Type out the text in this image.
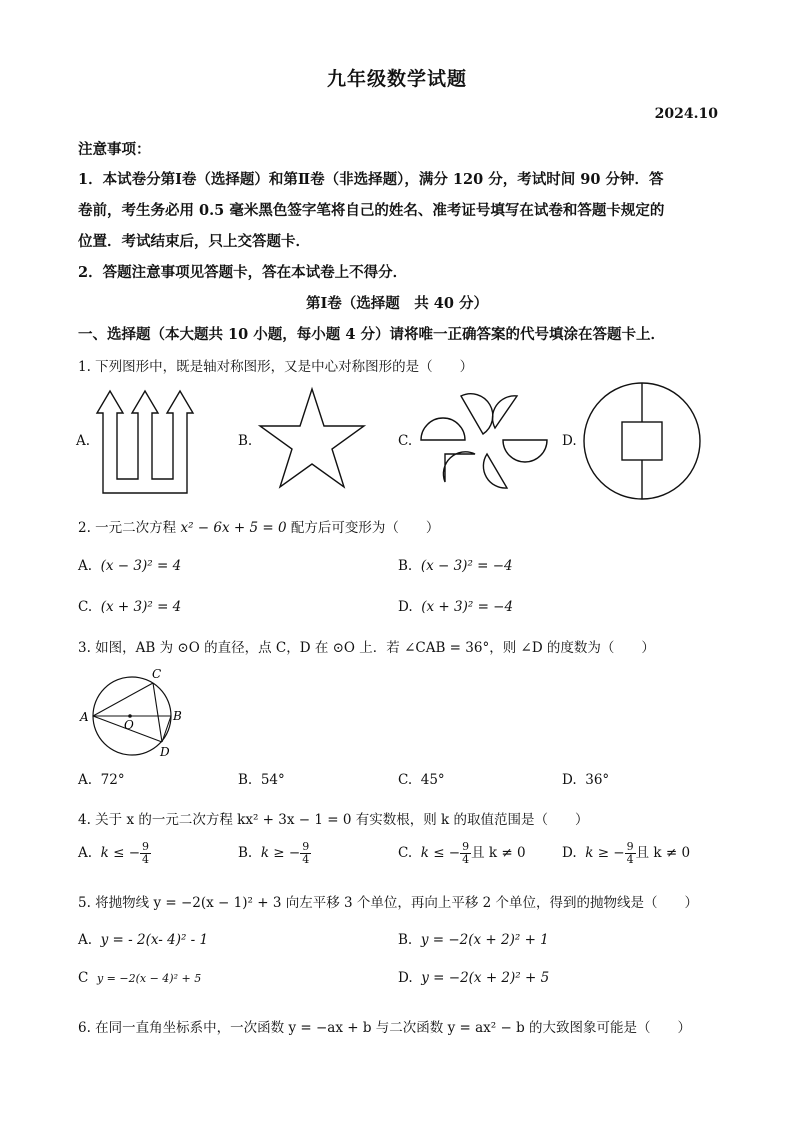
九年级数学试题
2024.10
注意事项：
1．本试卷分第Ⅰ卷（选择题）和第Ⅱ卷（非选择题），满分 120 分，考试时间 90 分钟．答
卷前，考生务必用 0.5 毫米黑色签字笔将自己的姓名、准考证号填写在试卷和答题卡规定的
位置．考试结束后，只上交答题卡．
2．答题注意事项见答题卡，答在本试卷上不得分．
第Ⅰ卷（选择题　共 40 分）
一、选择题（本大题共 10 小题，每小题 4 分）请将唯一正确答案的代号填涂在答题卡上．
1. 下列图形中，既是轴对称图形，又是中心对称图形的是（　　）
A.	B.	C.	D.
2. 一元二次方程 x² − 6x + 5 = 0 配方后可变形为（　　）
A. (x − 3)² = 4	B. (x − 3)² = −4
C. (x + 3)² = 4	D. (x + 3)² = −4
3. 如图，AB 为 ⊙O 的直径，点 C，D 在 ⊙O 上．若 ∠CAB = 36°，则 ∠D 的度数为（　　）
A	B
C
D
O
A. 72°	B. 54°	C. 45°	D. 36°
4. 关于 x 的一元二次方程 kx² + 3x − 1 = 0 有实数根，则 k 的取值范围是（　　）
A. k ≤ − $\frac{9}{4}$	B. k ≥ − $\frac{9}{4}$	C. k ≤ − $\frac{9}{4}$ 且 k ≠ 0	D. k ≥ − $\frac{9}{4}$ 且 k ≠ 0
5. 将抛物线 y = −2(x − 1)² + 3 向左平移 3 个单位，再向上平移 2 个单位，得到的抛物线是（　　）
A. y = - 2(x- 4)² - 1	B. y = −2(x + 2)² + 1
C y = −2(x − 4)² + 5	D. y = −2(x + 2)² + 5
6. 在同一直角坐标系中，一次函数 y = −ax + b 与二次函数 y = ax² − b 的大致图象可能是（　　）
